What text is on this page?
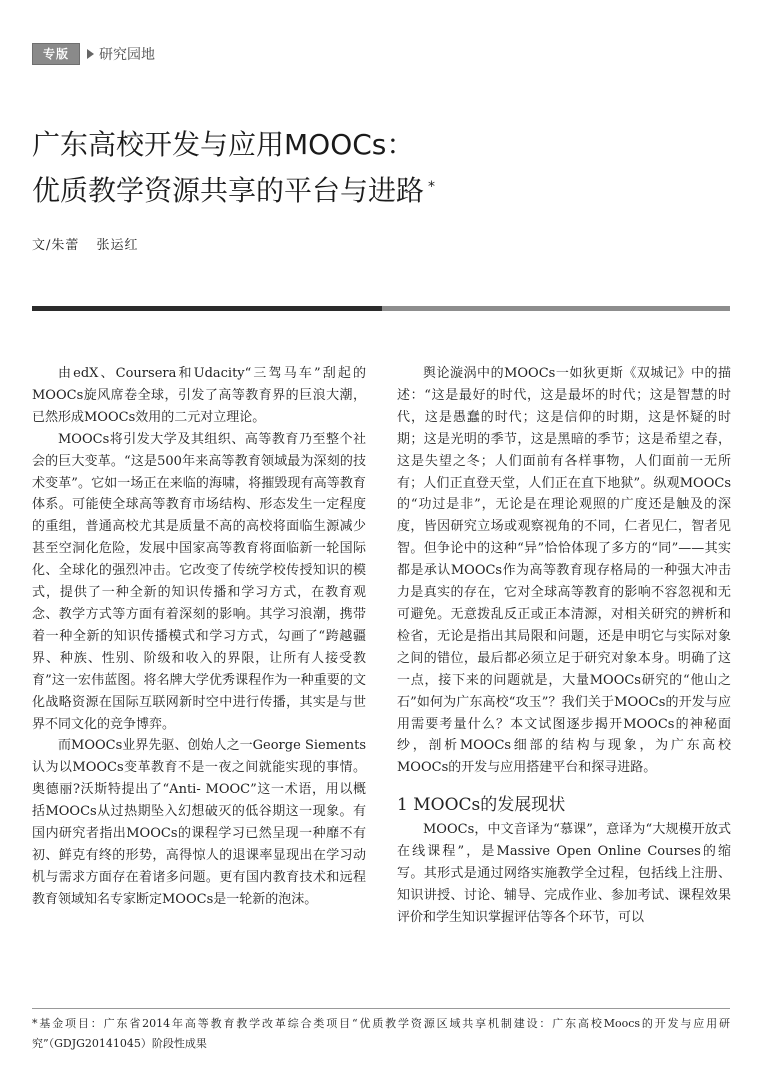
专版	研究园地
广东高校开发与应用MOOCs：
优质教学资源共享的平台与进路 *
文/朱蕾 张运红

由edX、Coursera和Udacity“三驾马车”刮起的MOOCs旋风席卷全球，引发了高等教育界的巨浪大潮，已然形成MOOCs效用的二元对立理论。

MOOCs将引发大学及其组织、高等教育乃至整个社会的巨大变革。“这是500年来高等教育领域最为深刻的技术变革”。它如一场正在来临的海啸，将摧毁现有高等教育体系。可能使全球高等教育市场结构、形态发生一定程度的重组，普通高校尤其是质量不高的高校将面临生源减少甚至空洞化危险，发展中国家高等教育将面临新一轮国际化、全球化的强烈冲击。它改变了传统学校传授知识的模式，提供了一种全新的知识传播和学习方式，在教育观念、教学方式等方面有着深刻的影响。其学习浪潮，携带着一种全新的知识传播模式和学习方式，勾画了“跨越疆界、种族、性别、阶级和收入的界限，让所有人接受教育”这一宏伟蓝图。将名牌大学优秀课程作为一种重要的文化战略资源在国际互联网新时空中进行传播，其实是与世界不同文化的竞争博弈。

而MOOCs业界先驱、创始人之一George Siements认为以MOOCs变革教育不是一夜之间就能实现的事情。奥德丽?沃斯特提出了“Anti- MOOC”这一术语，用以概括MOOCs从过热期坠入幻想破灭的低谷期这一现象。有国内研究者指出MOOCs的课程学习已然呈现一种靡不有初、鲜克有终的形势，高得惊人的退课率显现出在学习动机与需求方面存在着诸多问题。更有国内教育技术和远程教育领域知名专家断定MOOCs是一轮新的泡沫。

舆论漩涡中的MOOCs一如狄更斯《双城记》中的描述：“这是最好的时代，这是最坏的时代；这是智慧的时代，这是愚蠢的时代；这是信仰的时期，这是怀疑的时期；这是光明的季节，这是黑暗的季节；这是希望之春，这是失望之冬；人们面前有各样事物，人们面前一无所有；人们正直登天堂，人们正在直下地狱”。纵观MOOCs的“功过是非”，无论是在理论观照的广度还是触及的深度，皆因研究立场或观察视角的不同，仁者见仁，智者见智。但争论中的这种“异”恰恰体现了多方的“同”——其实都是承认MOOCs作为高等教育现存格局的一种强大冲击力是真实的存在，它对全球高等教育的影响不容忽视和无可避免。无意拨乱反正或正本清源，对相关研究的辨析和检省，无论是指出其局限和问题，还是申明它与实际对象之间的错位，最后都必须立足于研究对象本身。明确了这一点，接下来的问题就是，大量MOOCs研究的“他山之石”如何为广东高校“攻玉”？我们关于MOOCs的开发与应用需要考量什么？本文试图逐步揭开MOOCs的神秘面纱，剖析MOOCs细部的结构与现象，为广东高校MOOCs的开发与应用搭建平台和探寻进路。

1 MOOCs的发展现状

MOOCs，中文音译为“慕课”，意译为“大规模开放式在线课程”，是Massive Open Online Courses的缩写。其形式是通过网络实施教学全过程，包括线上注册、知识讲授、讨论、辅导、完成作业、参加考试、课程效果评价和学生知识掌握评估等各个环节，可以

*基金项目：广东省2014年高等教育教学改革综合类项目“优质教学资源区域共享机制建设：广东高校Moocs的开发与应用研究”（GDJG20141045）阶段性成果
